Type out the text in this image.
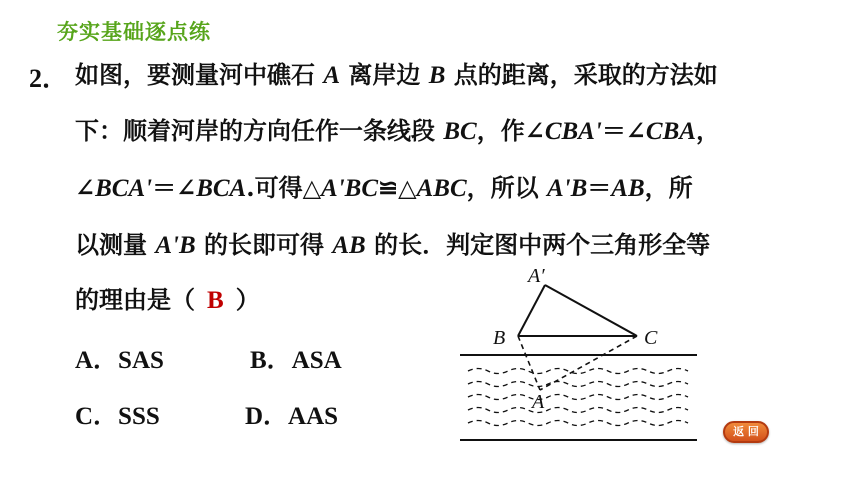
夯实基础逐点练
2． 如图，要测量河中礁石 A 离岸边 B 点的距离，采取的方法如
下：顺着河岸的方向任作一条线段 BC，作∠CBA'＝∠CBA，
∠BCA'＝∠BCA.可得△A'BC≌△ABC，所以 A'B＝AB，所
以测量 A'B 的长即可得 AB 的长．判定图中两个三角形全等
的理由是（ B ）
A．SAS	B．ASA
C．SSS	D．AAS
A′
B	C
A
返 回
